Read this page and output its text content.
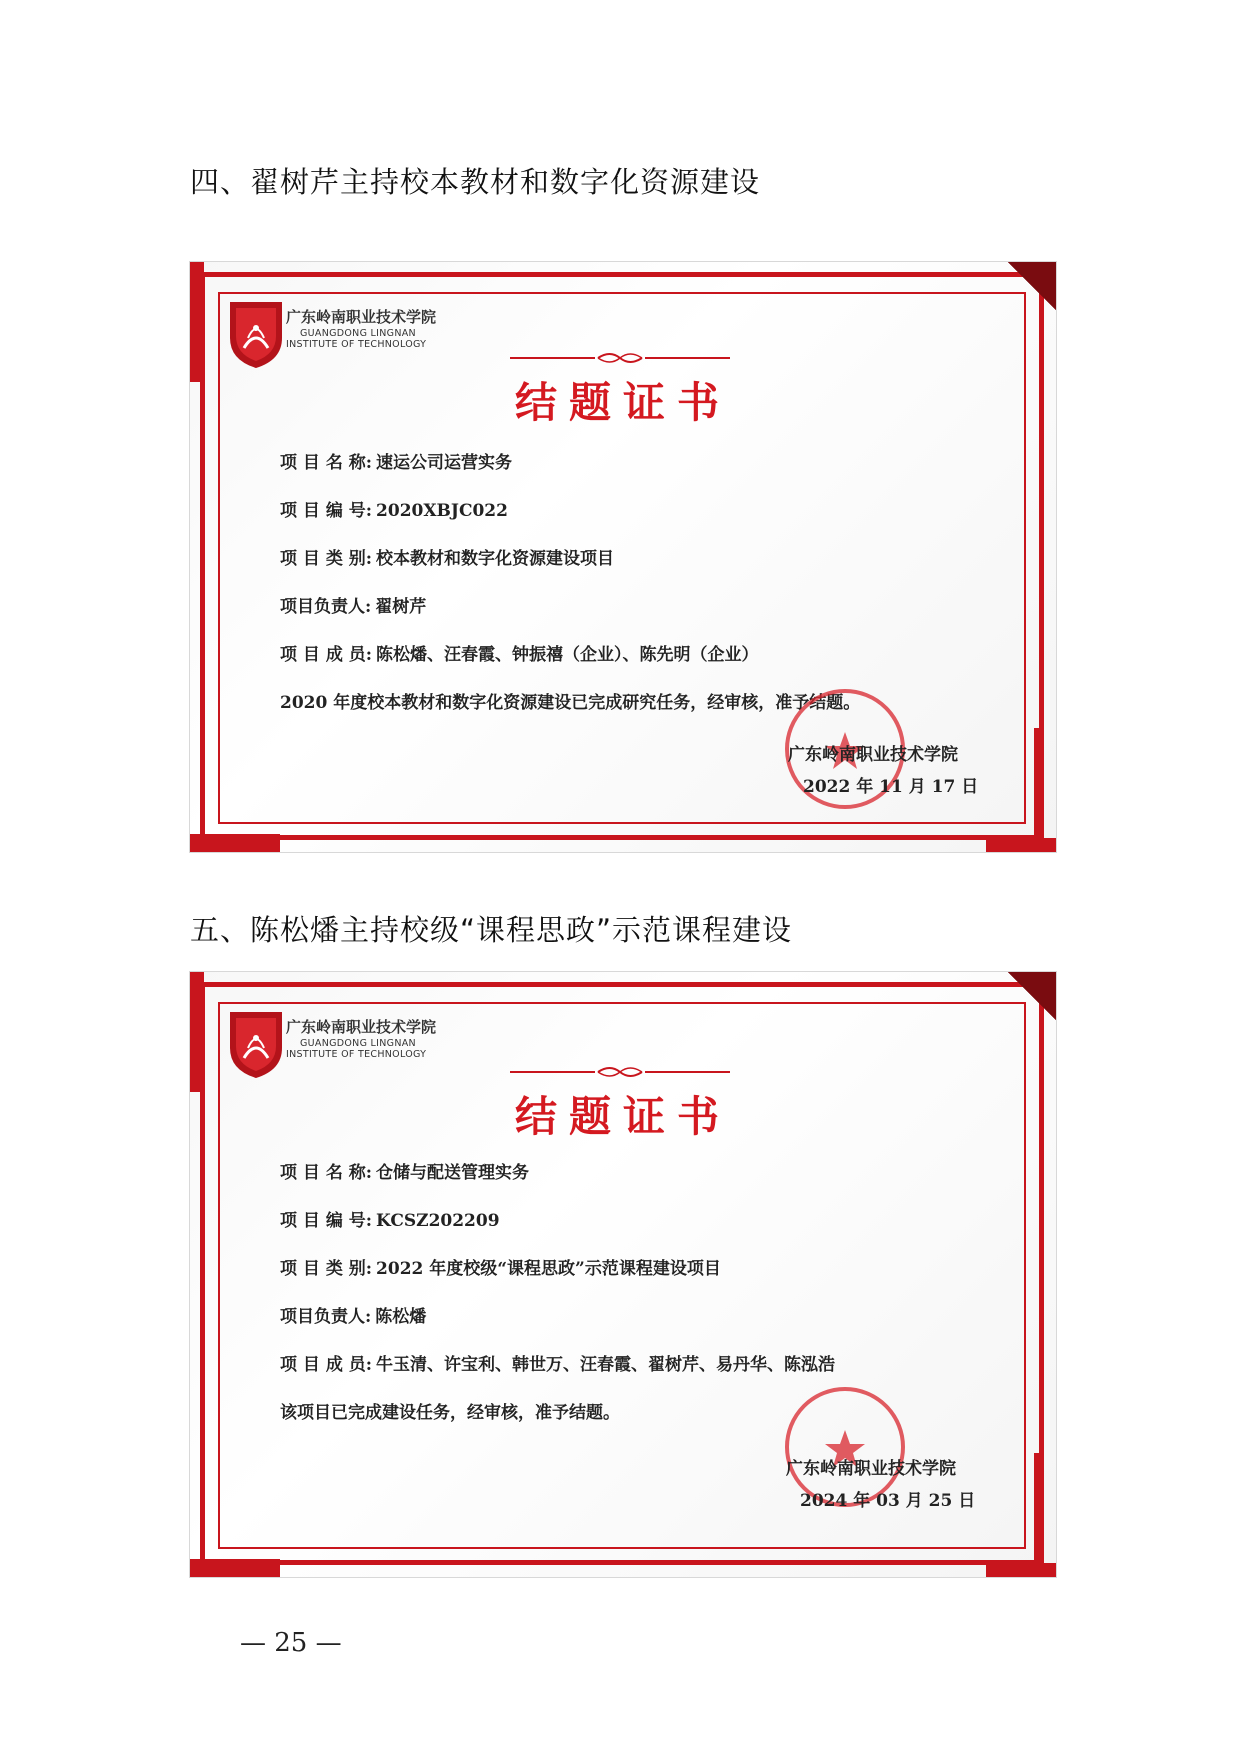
四、翟树芹主持校本教材和数字化资源建设
广东岭南职业技术学院
GUANGDONG LINGNAN
INSTITUTE OF TECHNOLOGY
结题证书
项 目 名 称: 速运公司运营实务
项 目 编 号: 2020XBJC022
项 目 类 别: 校本教材和数字化资源建设项目
项目负责人:翟树芹
项 目 成 员: 陈松燔、汪春霞、钟振禧（企业）、陈先明（企业）
2020 年度校本教材和数字化资源建设已完成研究任务，经审核，准予结题。
广东岭南职业技术学院
2022 年 11 月 17 日
五、陈松燔主持校级“课程思政”示范课程建设
广东岭南职业技术学院
GUANGDONG LINGNAN
INSTITUTE OF TECHNOLOGY
结题证书
项 目 名 称: 仓储与配送管理实务
项 目 编 号: KCSZ202209
项 目 类 别: 2022 年度校级“课程思政”示范课程建设项目
项目负责人:陈松燔
项 目 成 员: 牛玉清、许宝利、韩世万、汪春霞、翟树芹、易丹华、陈泓浩
该项目已完成建设任务，经审核，准予结题。
广东岭南职业技术学院
2024 年 03 月 25 日
— 25 —
